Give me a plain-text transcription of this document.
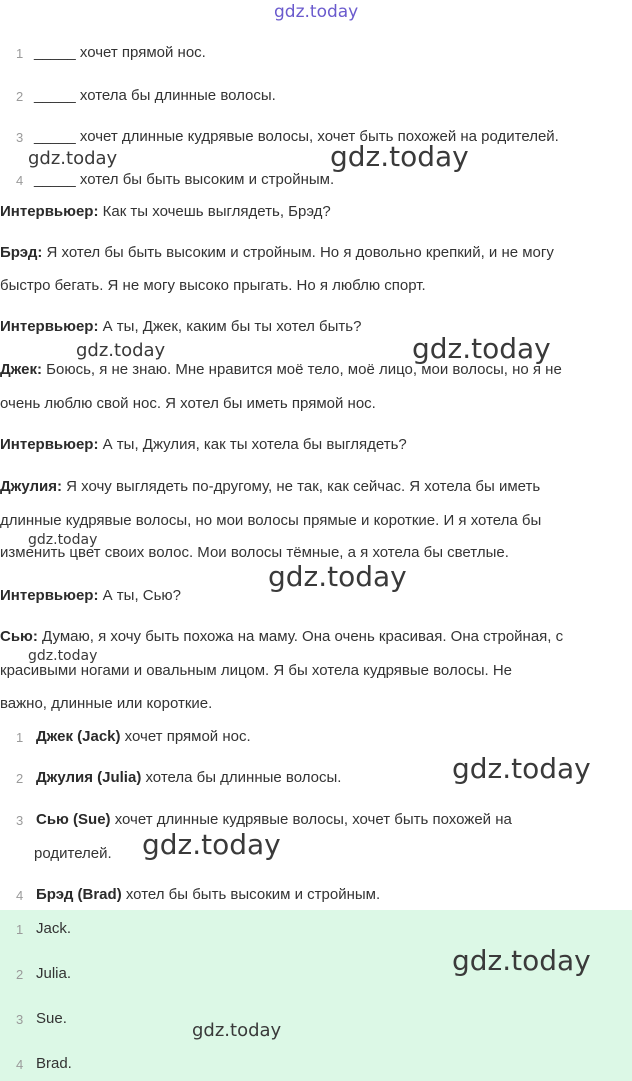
gdz.today
1 _____ хочет прямой нос.
2 _____ хотела бы длинные волосы.
3 _____ хочет длинные кудрявые волосы, хочет быть похожей на родителей.
4 _____ хотел бы быть высоким и стройным.
gdz.today	gdz.today
Интервьюер: Как ты хочешь выглядеть, Брэд?
Брэд: Я хотел бы быть высоким и стройным. Но я довольно крепкий, и не могу
быстро бегать. Я не могу высоко прыгать. Но я люблю спорт.
Интервьюер: А ты, Джек, каким бы ты хотел быть?
Джек: Боюсь, я не знаю. Мне нравится моё тело, моё лицо, мои волосы, но я не
очень люблю свой нос. Я хотел бы иметь прямой нос.
Интервьюер: А ты, Джулия, как ты хотела бы выглядеть?
Джулия: Я хочу выглядеть по-другому, не так, как сейчас. Я хотела бы иметь
длинные кудрявые волосы, но мои волосы прямые и короткие. И я хотела бы
изменить цвет своих волос. Мои волосы тёмные, а я хотела бы светлые.
Интервьюер: А ты, Сью?
Сью: Думаю, я хочу быть похожа на маму. Она очень красивая. Она стройная, с
красивыми ногами и овальным лицом. Я бы хотела кудрявые волосы. Не
важно, длинные или короткие.
gdz.today	gdz.today
gdz.today
gdz.today
gdz.today
1 Джек (Jack) хочет прямой нос.
2 Джулия (Julia) хотела бы длинные волосы.
3 Сью (Sue) хочет длинные кудрявые волосы, хочет быть похожей на
родителей.
4 Брэд (Brad) хотел бы быть высоким и стройным.
gdz.today
gdz.today
1 Jack.
2 Julia.
3 Sue.
4 Brad.
gdz.today
gdz.today
